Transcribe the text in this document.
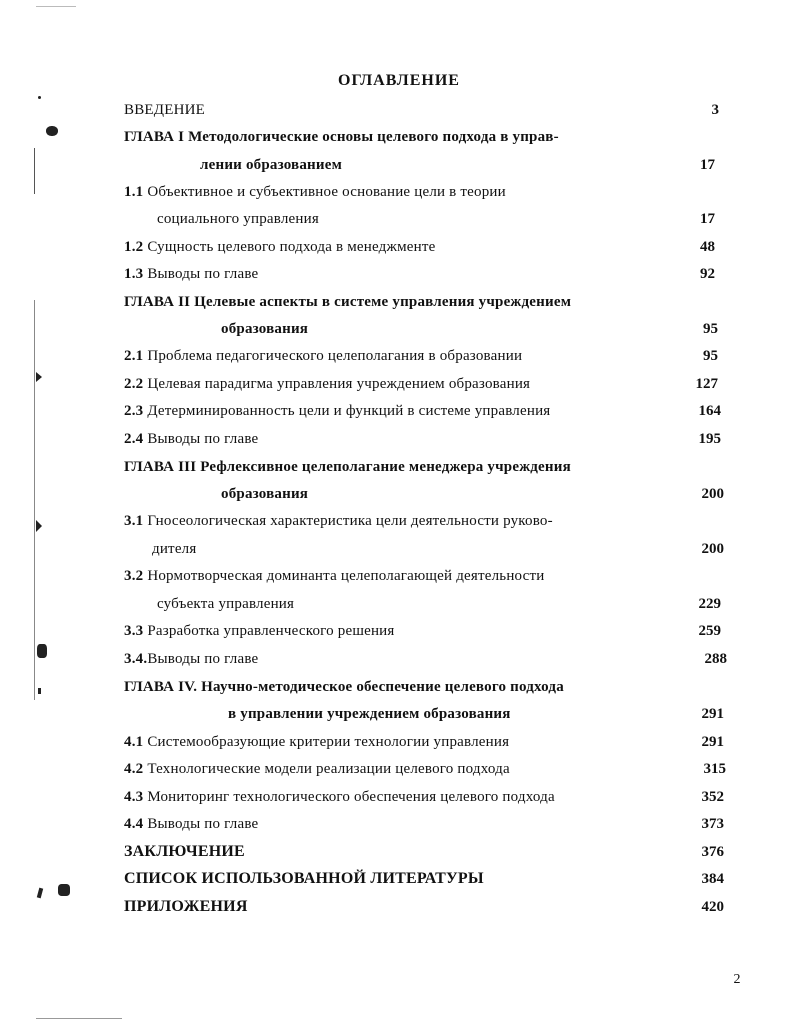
ОГЛАВЛЕНИЕ
ВВЕДЕНИЕ	3
ГЛАВА I Методологические основы целевого подхода в управ-
лении образованием	17
1.1 Объективное и субъективное основание цели в теории
социального управления	17
1.2 Сущность целевого подхода в менеджменте	48
1.3 Выводы по главе	92
ГЛАВА II Целевые аспекты в системе управления учреждением
образования	95
2.1 Проблема педагогического целеполагания в образовании	95
2.2 Целевая парадигма управления учреждением образования	127
2.3 Детерминированность цели и функций в системе управления	164
2.4 Выводы по главе	195
ГЛАВА III Рефлексивное целеполагание менеджера учреждения
образования	200
3.1 Гносеологическая характеристика цели деятельности руково-
дителя	200
3.2 Нормотворческая доминанта целеполагающей деятельности
субъекта управления	229
3.3 Разработка управленческого решения	259
3.4.Выводы по главе	288
ГЛАВА IV. Научно-методическое обеспечение целевого подхода
в управлении учреждением образования	291
4.1 Системообразующие критерии технологии управления	291
4.2 Технологические модели реализации целевого подхода	315
4.3 Мониторинг технологического обеспечения целевого подхода	352
4.4 Выводы по главе	373
ЗАКЛЮЧЕНИЕ	376
СПИСОК ИСПОЛЬЗОВАННОЙ ЛИТЕРАТУРЫ	384
ПРИЛОЖЕНИЯ	420
2
